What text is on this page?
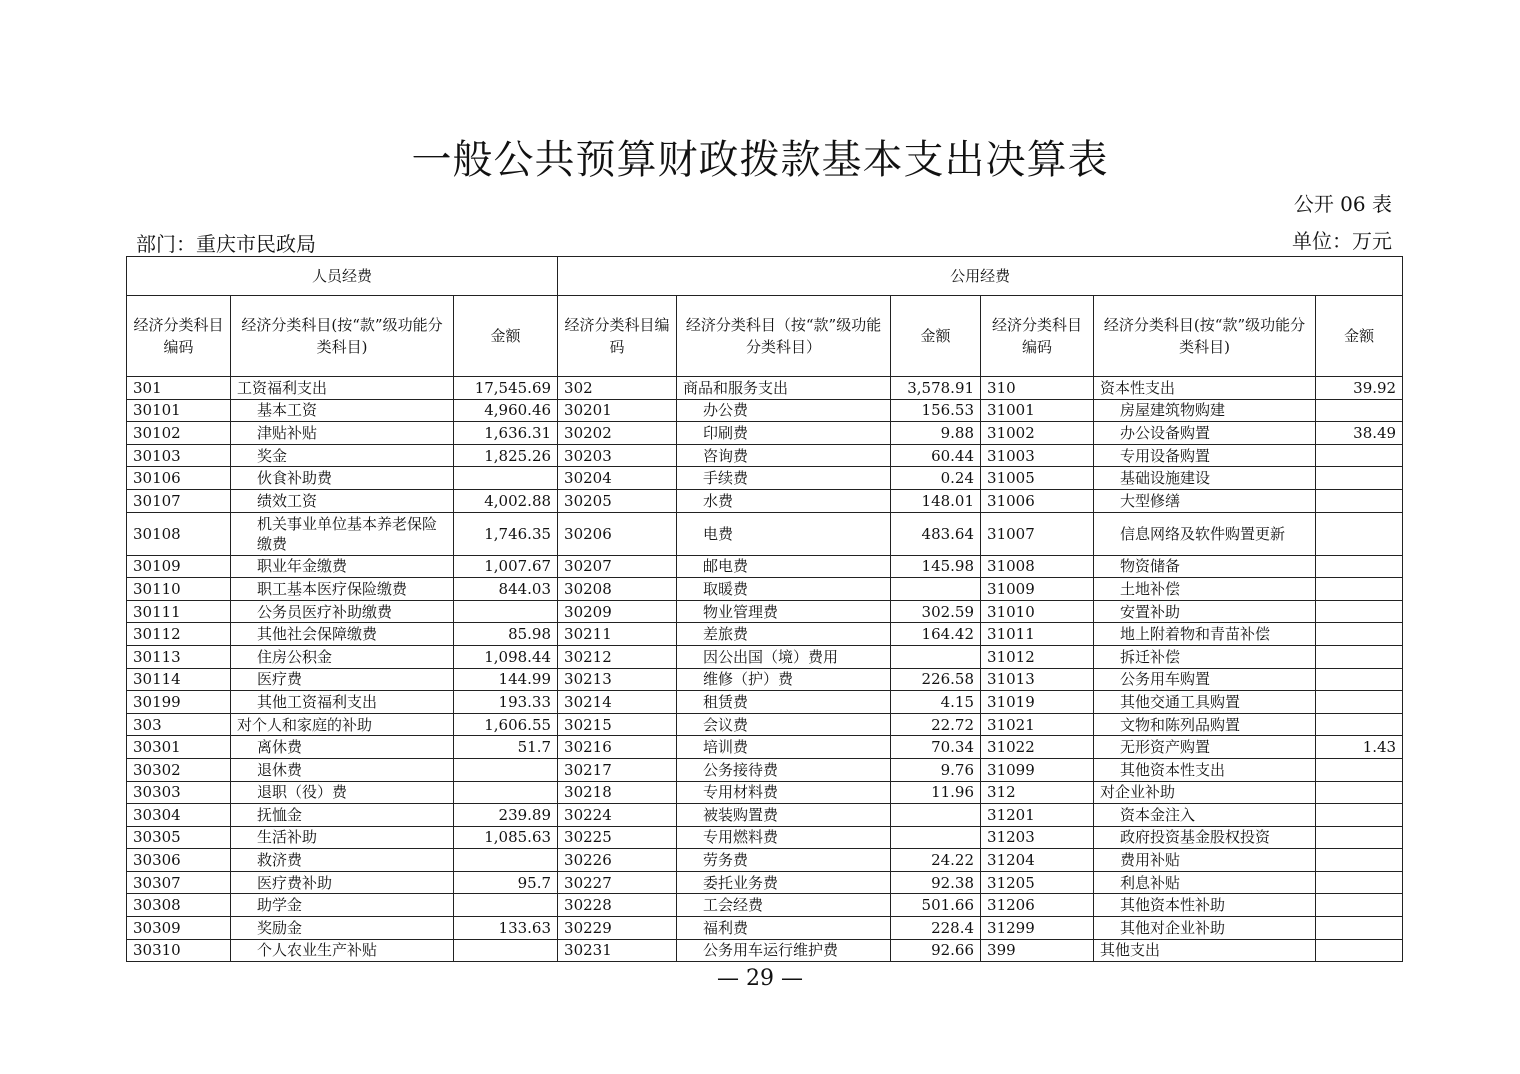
一般公共预算财政拨款基本支出决算表
公开 06 表
部门：重庆市民政局	单位：万元
人员经费			公用经费					
经济分类科目编码	经济分类科目(按“款”级功能分类科目)	金额	经济分类科目编码	经济分类科目（按“款”级功能分类科目）	金额	经济分类科目编码	经济分类科目(按“款”级功能分类科目)	金额
301	工资福利支出	17,545.69	302	商品和服务支出	3,578.91	310	资本性支出	39.92
30101	基本工资	4,960.46	30201	办公费	156.53	31001	房屋建筑物购建	
30102	津贴补贴	1,636.31	30202	印刷费	9.88	31002	办公设备购置	38.49
30103	奖金	1,825.26	30203	咨询费	60.44	31003	专用设备购置	
30106	伙食补助费		30204	手续费	0.24	31005	基础设施建设	
30107	绩效工资	4,002.88	30205	水费	148.01	31006	大型修缮	
30108	机关事业单位基本养老保险缴费	1,746.35	30206	电费	483.64	31007	信息网络及软件购置更新	
30109	职业年金缴费	1,007.67	30207	邮电费	145.98	31008	物资储备	
30110	职工基本医疗保险缴费	844.03	30208	取暖费		31009	土地补偿	
30111	公务员医疗补助缴费		30209	物业管理费	302.59	31010	安置补助	
30112	其他社会保障缴费	85.98	30211	差旅费	164.42	31011	地上附着物和青苗补偿	
30113	住房公积金	1,098.44	30212	因公出国（境）费用		31012	拆迁补偿	
30114	医疗费	144.99	30213	维修（护）费	226.58	31013	公务用车购置	
30199	其他工资福利支出	193.33	30214	租赁费	4.15	31019	其他交通工具购置	
303	对个人和家庭的补助	1,606.55	30215	会议费	22.72	31021	文物和陈列品购置	
30301	离休费	51.7	30216	培训费	70.34	31022	无形资产购置	1.43
30302	退休费		30217	公务接待费	9.76	31099	其他资本性支出	
30303	退职（役）费		30218	专用材料费	11.96	312	对企业补助	
30304	抚恤金	239.89	30224	被装购置费		31201	资本金注入	
30305	生活补助	1,085.63	30225	专用燃料费		31203	政府投资基金股权投资	
30306	救济费		30226	劳务费	24.22	31204	费用补贴	
30307	医疗费补助	95.7	30227	委托业务费	92.38	31205	利息补贴	
30308	助学金		30228	工会经费	501.66	31206	其他资本性补助	
30309	奖励金	133.63	30229	福利费	228.4	31299	其他对企业补助	
30310	个人农业生产补贴		30231	公务用车运行维护费	92.66	399	其他支出	
— 29 —
